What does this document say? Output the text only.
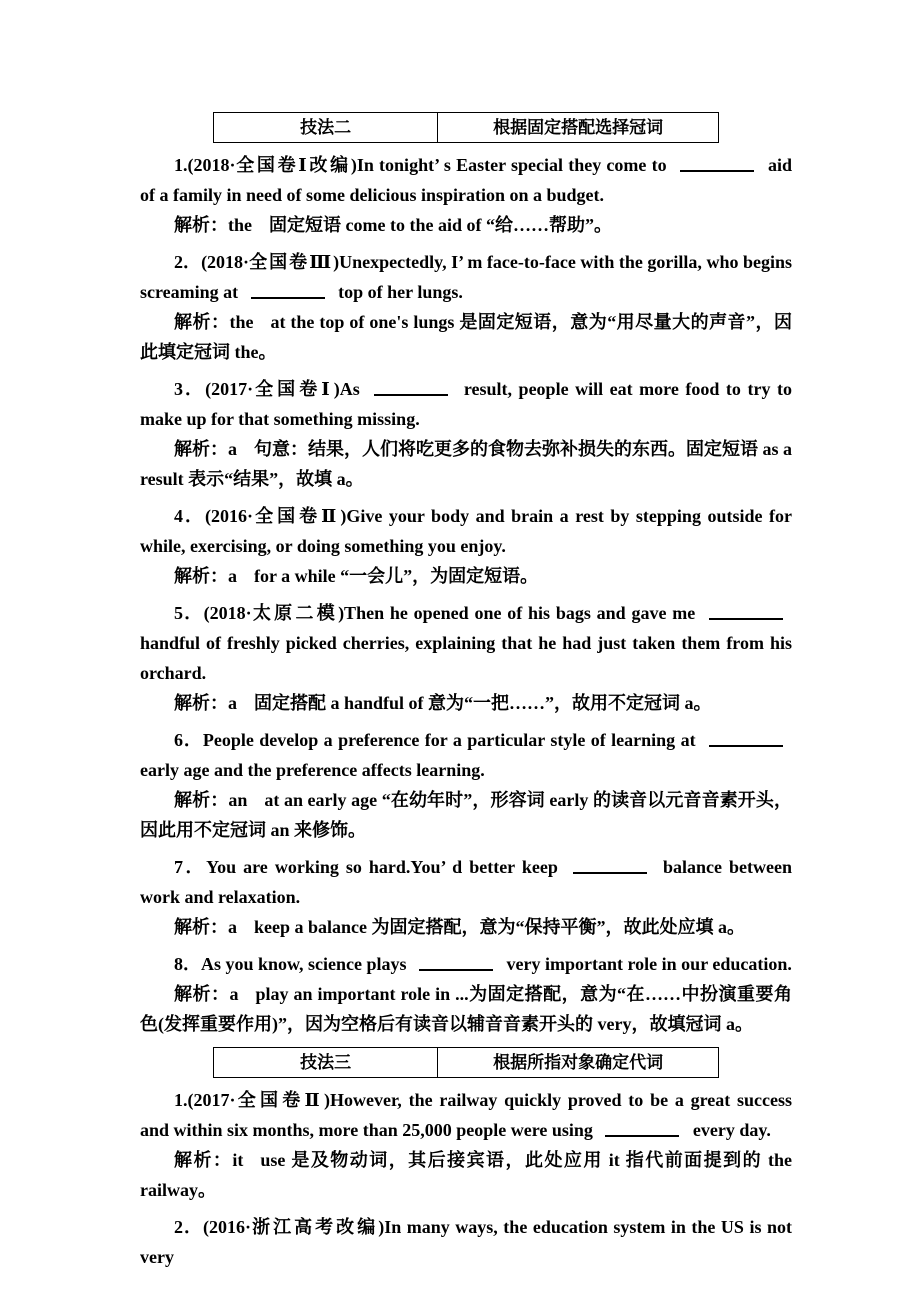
技法二	根据固定搭配选择冠词

1.(2018·全国卷Ⅰ改编)In tonight’ s Easter special they come to	aid of a family in need of some delicious inspiration on a budget.

解析：the 固定短语 come to the aid of “给……帮助”。

2．(2018·全国卷Ⅲ)Unexpectedly, I’ m face-to-face with the gorilla, who begins screaming at	top of her lungs.

解析：the at the top of one's lungs 是固定短语，意为“用尽量大的声音”，因此填定冠词 the。

3．(2017·全国卷Ⅰ)As	result, people will eat more food to try to make up for that something missing.

解析：a 句意：结果，人们将吃更多的食物去弥补损失的东西。固定短语 as a result 表示“结果”，故填 a。

4．(2016·全国卷Ⅱ)Give your body and brain a rest by stepping outside for while, exercising, or doing something you enjoy.

解析：a for a while “一会儿”，为固定短语。

5．(2018·太原二模)Then he opened one of his bags and gave me  handful of freshly picked cherries, explaining that he had just taken them from his orchard.

解析：a 固定搭配 a handful of 意为“一把……”，故用不定冠词 a。

6．People develop a preference for a particular style of learning at  early age and the preference affects learning.

解析：an at an early age “在幼年时”，形容词 early 的读音以元音音素开头，因此用不定冠词 an 来修饰。

7．You are working so hard.You’ d better keep	balance between work and relaxation.

解析：a keep a balance 为固定搭配，意为“保持平衡”，故此处应填 a。

8．As you know, science plays	very important role in our education.

解析：a play an important role in ...为固定搭配，意为“在……中扮演重要角色(发挥重要作用)”，因为空格后有读音以辅音音素开头的 very，故填冠词 a。

技法三	根据所指对象确定代词

1.(2017·全国卷Ⅱ)However, the railway quickly proved to be a great success and within six months, more than 25,000 people were using	every day.

解析：it use 是及物动词，其后接宾语，此处应用 it 指代前面提到的 the railway。

2．(2016·浙江高考改编)In many ways, the education system in the US is not very
